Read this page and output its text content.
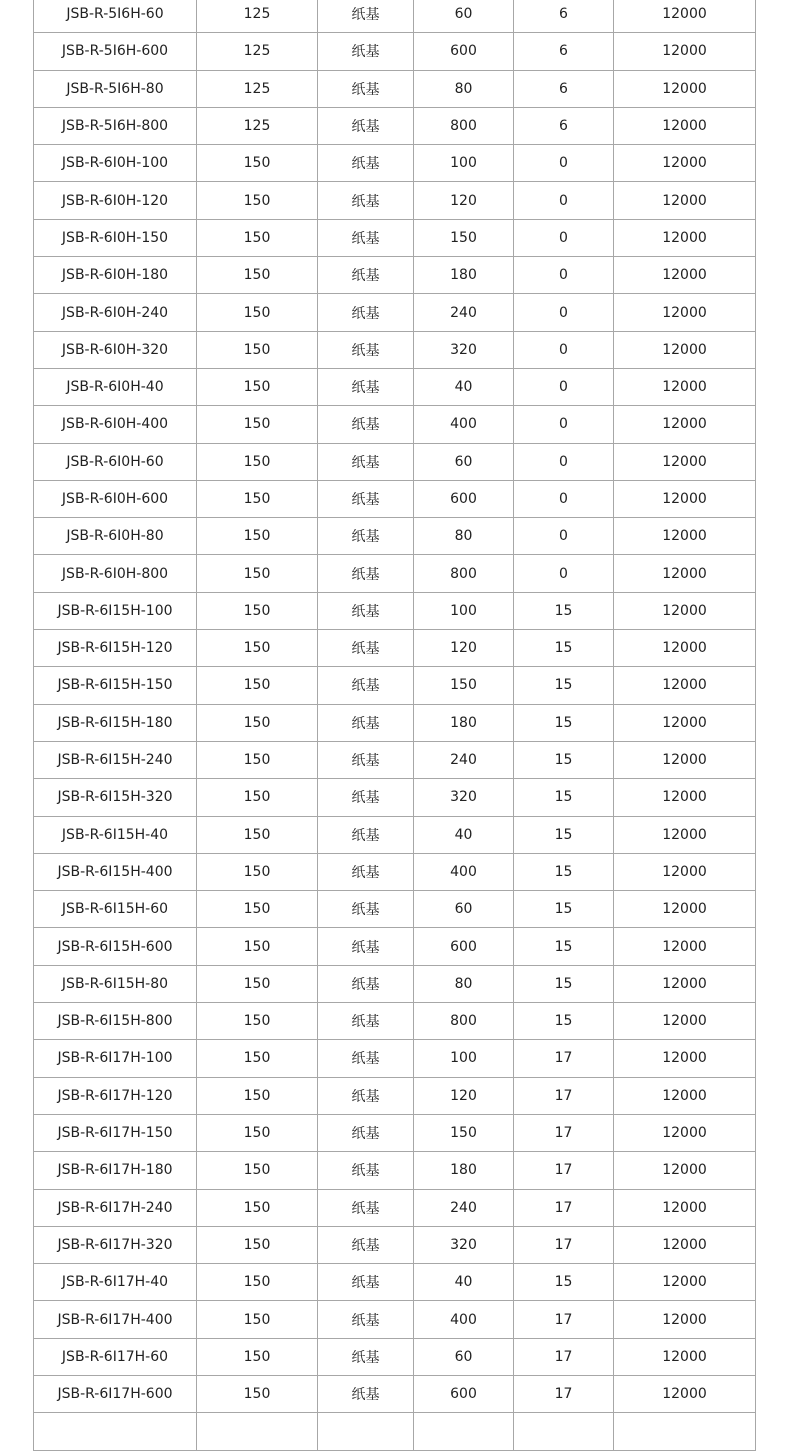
JSB-R-5I6H-60	125	纸基	60	6	12000
JSB-R-5I6H-600	125	纸基	600	6	12000
JSB-R-5I6H-80	125	纸基	80	6	12000
JSB-R-5I6H-800	125	纸基	800	6	12000
JSB-R-6I0H-100	150	纸基	100	0	12000
JSB-R-6I0H-120	150	纸基	120	0	12000
JSB-R-6I0H-150	150	纸基	150	0	12000
JSB-R-6I0H-180	150	纸基	180	0	12000
JSB-R-6I0H-240	150	纸基	240	0	12000
JSB-R-6I0H-320	150	纸基	320	0	12000
JSB-R-6I0H-40	150	纸基	40	0	12000
JSB-R-6I0H-400	150	纸基	400	0	12000
JSB-R-6I0H-60	150	纸基	60	0	12000
JSB-R-6I0H-600	150	纸基	600	0	12000
JSB-R-6I0H-80	150	纸基	80	0	12000
JSB-R-6I0H-800	150	纸基	800	0	12000
JSB-R-6I15H-100	150	纸基	100	15	12000
JSB-R-6I15H-120	150	纸基	120	15	12000
JSB-R-6I15H-150	150	纸基	150	15	12000
JSB-R-6I15H-180	150	纸基	180	15	12000
JSB-R-6I15H-240	150	纸基	240	15	12000
JSB-R-6I15H-320	150	纸基	320	15	12000
JSB-R-6I15H-40	150	纸基	40	15	12000
JSB-R-6I15H-400	150	纸基	400	15	12000
JSB-R-6I15H-60	150	纸基	60	15	12000
JSB-R-6I15H-600	150	纸基	600	15	12000
JSB-R-6I15H-80	150	纸基	80	15	12000
JSB-R-6I15H-800	150	纸基	800	15	12000
JSB-R-6I17H-100	150	纸基	100	17	12000
JSB-R-6I17H-120	150	纸基	120	17	12000
JSB-R-6I17H-150	150	纸基	150	17	12000
JSB-R-6I17H-180	150	纸基	180	17	12000
JSB-R-6I17H-240	150	纸基	240	17	12000
JSB-R-6I17H-320	150	纸基	320	17	12000
JSB-R-6I17H-40	150	纸基	40	15	12000
JSB-R-6I17H-400	150	纸基	400	17	12000
JSB-R-6I17H-60	150	纸基	60	17	12000
JSB-R-6I17H-600	150	纸基	600	17	12000
